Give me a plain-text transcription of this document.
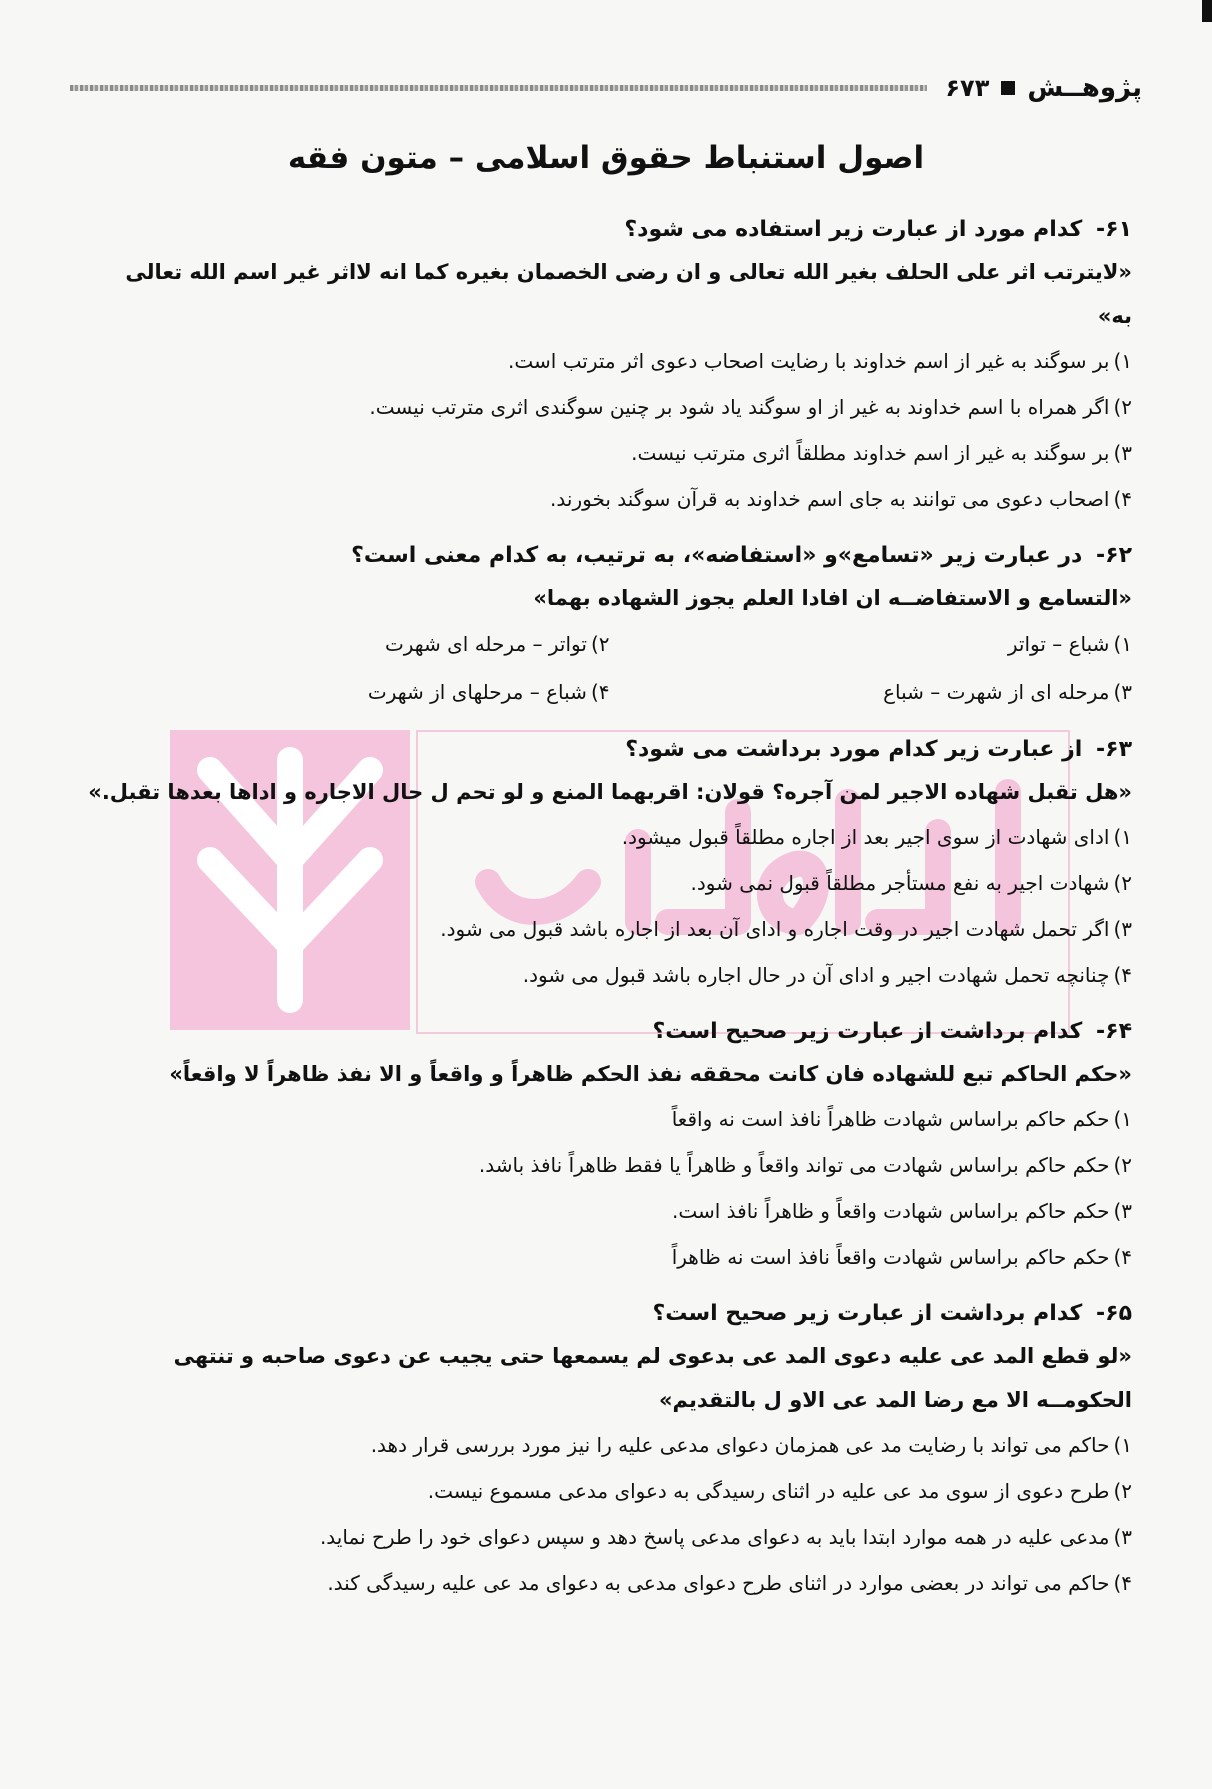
پژوهــش
۶۷۳
اصول استنباط حقوق اسلامی – متون فقه
۶۱- کدام مورد از عبارت زیر استفاده می شود؟
«لایترتب اثر علی الحلف بغیر الله تعالی و ان رضی الخصمان بغیره کما انه لااثر غیر اسم الله تعالی به»
۱)بر سوگند به غیر از اسم خداوند با رضایت اصحاب دعوی اثر مترتب است.
۲)اگر همراه با اسم خداوند به غیر از او سوگند یاد شود بر چنین سوگندی اثری مترتب نیست.
۳)بر سوگند به غیر از اسم خداوند مطلقاً اثری مترتب نیست.
۴)اصحاب دعوی می توانند به جای اسم خداوند به قرآن سوگند بخورند.
۶۲- در عبارت زیر «تسامع»و «استفاضه»، به ترتیب، به کدام معنی است؟
«التسامع و الاستفاضــه ان افادا العلم یجوز الشهاده بهما»
۱)شباع – تواتر
۲)تواتر – مرحله ای شهرت
۳)مرحله ای از شهرت – شباع
۴)شباع – مرحلهای از شهرت
۶۳- از عبارت زیر کدام مورد برداشت می شود؟
«هل تقبل شهاده الاجیر لمن آجره؟ قولان: اقربهما المنع و لو تحم ل حال الاجاره و اداها بعدها تقبل.»
۱)ادای شهادت از سوی اجیر بعد از اجاره مطلقاً قبول میشود.
۲)شهادت اجیر به نفع مستأجر مطلقاً قبول نمی شود.
۳)اگر تحمل شهادت اجیر در وقت اجاره و ادای آن بعد از اجاره باشد قبول می شود.
۴)چنانچه تحمل شهادت اجیر و ادای آن در حال اجاره باشد قبول می شود.
۶۴- کدام برداشت از عبارت زیر صحیح است؟
«حکم الحاکم تبع للشهاده فان کانت محققه نفذ الحکم ظاهراً و واقعاً و الا نفذ ظاهراً لا واقعاً»
۱)حکم حاکم براساس شهادت ظاهراً نافذ است نه واقعاً
۲)حکم حاکم براساس شهادت می تواند واقعاً و ظاهراً یا فقط ظاهراً نافذ باشد.
۳)حکم حاکم براساس شهادت واقعاً و ظاهراً نافذ است.
۴)حکم حاکم براساس شهادت واقعاً نافذ است نه ظاهراً
۶۵- کدام برداشت از عبارت زیر صحیح است؟
«لو قطع المد عی علیه دعوی المد عی بدعوی لم یسمعها حتی یجیب عن دعوی صاحبه و تنتهی الحکومــه الا مع رضا المد عی الاو ل بالتقدیم»
۱)حاکم می تواند با رضایت مد عی همزمان دعوای مدعی علیه را نیز مورد بررسی قرار دهد.
۲)طرح دعوی از سوی مد عی علیه در اثنای رسیدگی به دعوای مدعی مسموع نیست.
۳)مدعی علیه در همه موارد ابتدا باید به دعوای مدعی پاسخ دهد و سپس دعوای خود را طرح نماید.
۴)حاکم می تواند در بعضی موارد در اثنای طرح دعوای مدعی به دعوای مد عی علیه رسیدگی کند.
